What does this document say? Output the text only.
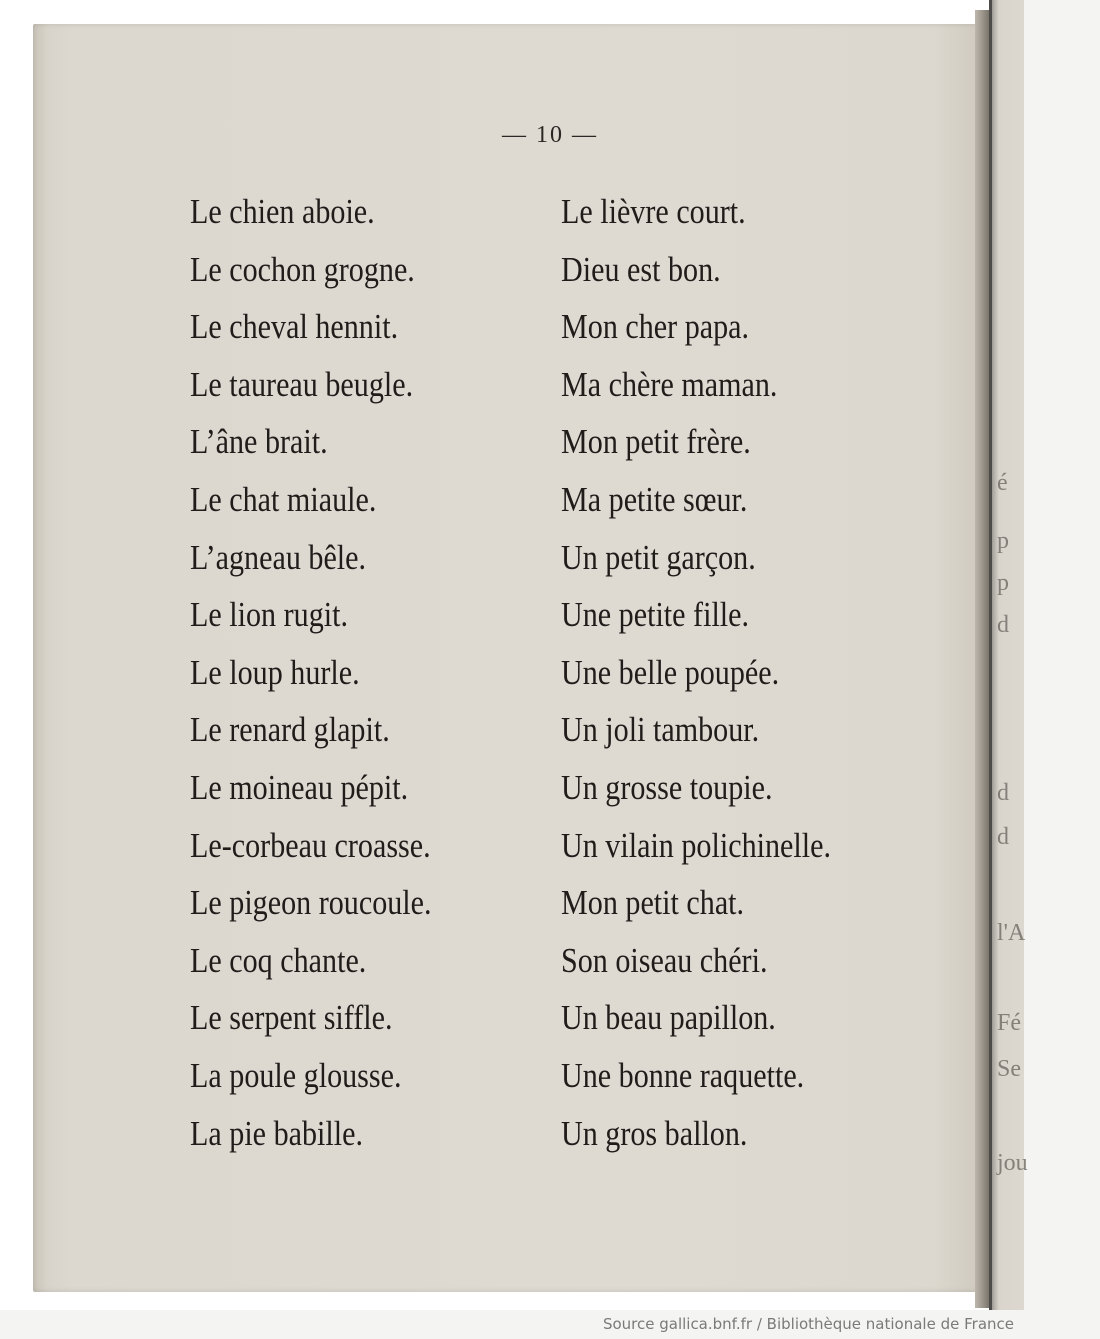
é
p
p
d
d
d
l'A
Fé
Se
jou
— 10 —
Le chien aboie.
Le cochon grogne.
Le cheval hennit.
Le taureau beugle.
L’âne brait.
Le chat miaule.
L’agneau bêle.
Le lion rugit.
Le loup hurle.
Le renard glapit.
Le moineau pépit.
Le-corbeau croasse.
Le pigeon roucoule.
Le coq chante.
Le serpent siffle.
La poule glousse.
La pie babille.
Le lièvre court.
Dieu est bon.
Mon cher papa.
Ma chère maman.
Mon petit frère.
Ma petite sœur.
Un petit garçon.
Une petite fille.
Une belle poupée.
Un joli tambour.
Un grosse toupie.
Un vilain polichinelle.
Mon petit chat.
Son oiseau chéri.
Un beau papillon.
Une bonne raquette.
Un gros ballon.
Source gallica.bnf.fr / Bibliothèque nationale de France
